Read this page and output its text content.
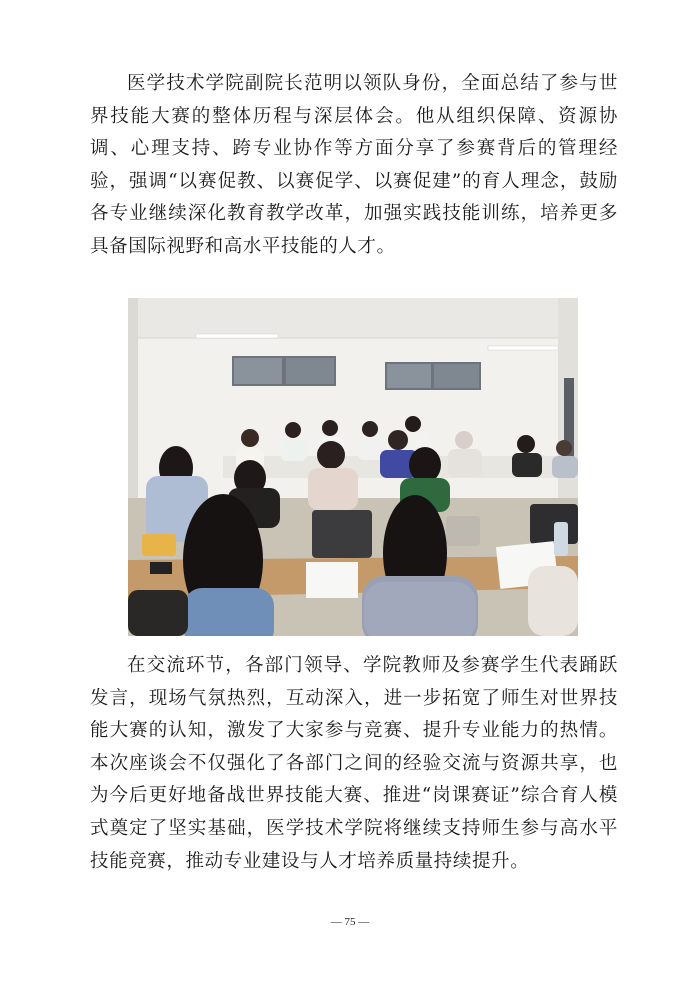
医学技术学院副院长范明以领队身份，全面总结了参与世界技能大赛的整体历程与深层体会。他从组织保障、资源协调、心理支持、跨专业协作等方面分享了参赛背后的管理经验，强调“以赛促教、以赛促学、以赛促建”的育人理念，鼓励各专业继续深化教育教学改革，加强实践技能训练，培养更多具备国际视野和高水平技能的人才。

在交流环节，各部门领导、学院教师及参赛学生代表踊跃发言，现场气氛热烈，互动深入，进一步拓宽了师生对世界技能大赛的认知，激发了大家参与竞赛、提升专业能力的热情。本次座谈会不仅强化了各部门之间的经验交流与资源共享，也为今后更好地备战世界技能大赛、推进“岗课赛证”综合育人模式奠定了坚实基础，医学技术学院将继续支持师生参与高水平技能竞赛，推动专业建设与人才培养质量持续提升。

— 75 —
